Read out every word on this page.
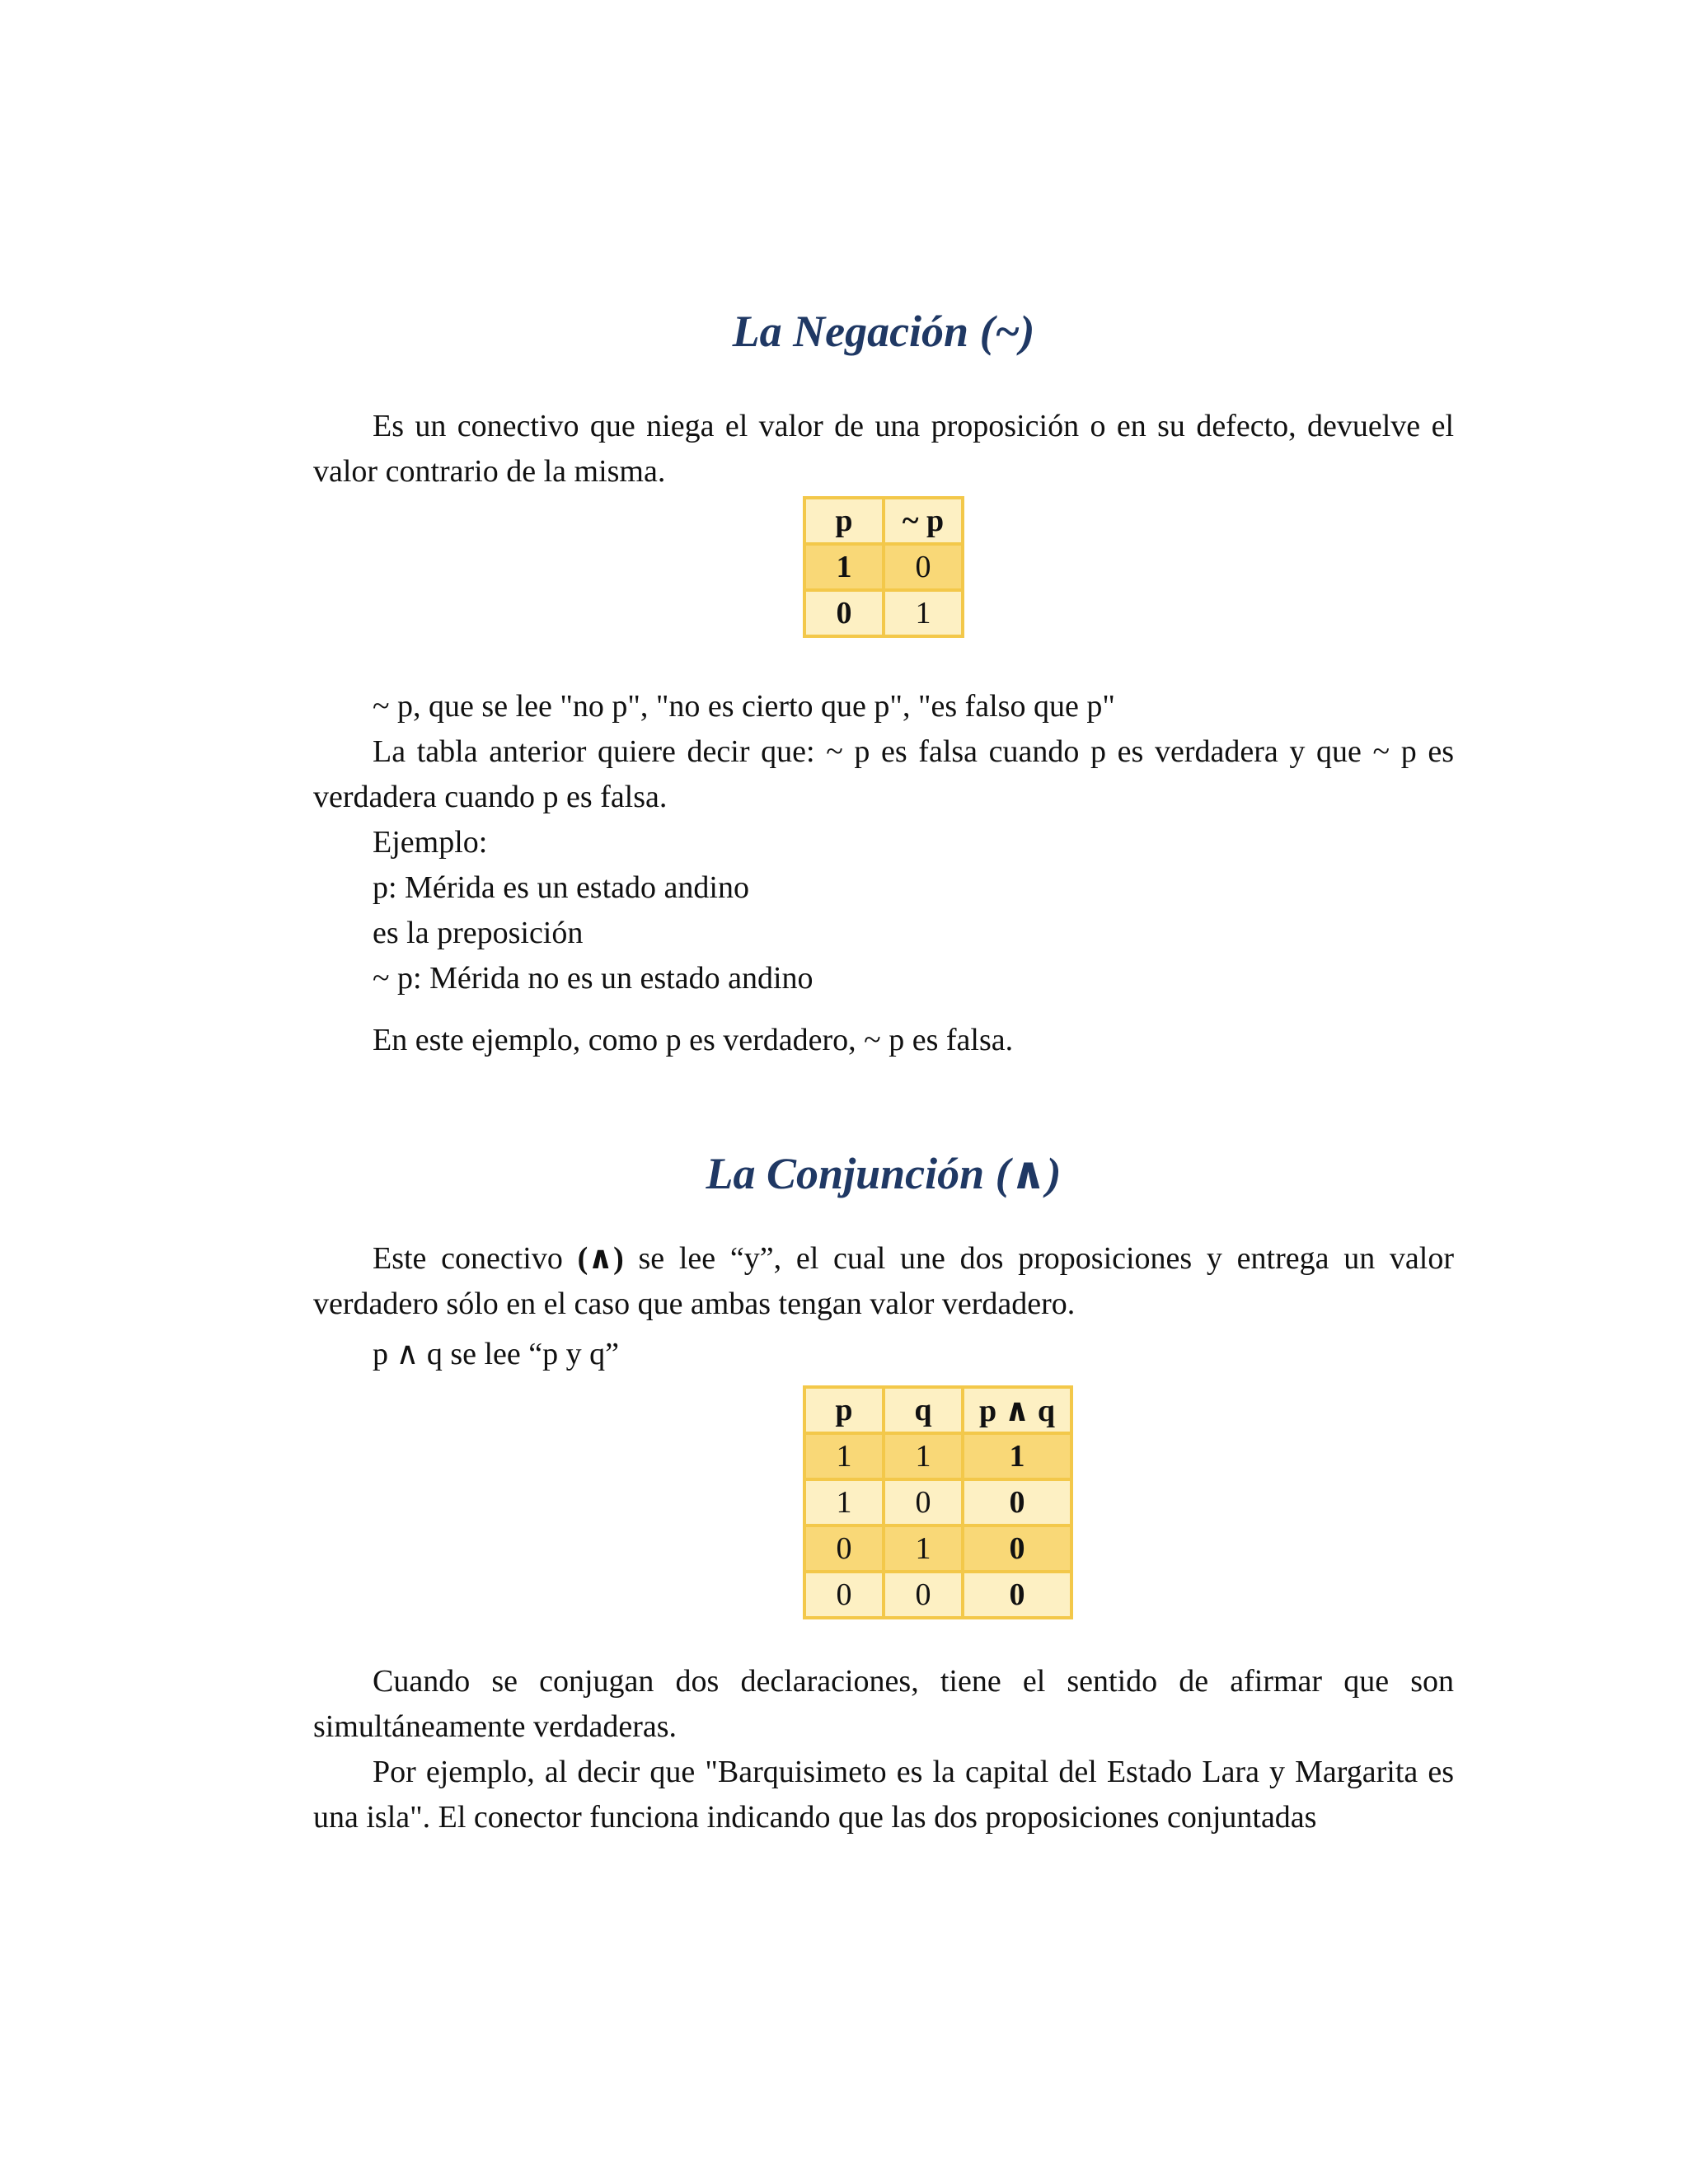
La Negación (~)

Es un conectivo que niega el valor de una proposición o en su defecto, devuelve el valor contrario de la misma.

p	~ p
1	0
0	1

~ p, que se lee "no p", "no es cierto que p", "es falso que p"

La tabla anterior quiere decir que: ~ p es falsa cuando p es verdadera y que ~ p es verdadera cuando p es falsa.

Ejemplo:

p: Mérida es un estado andino

es la preposición

~ p: Mérida no es un estado andino

En este ejemplo, como p es verdadero, ~ p es falsa.

La Conjunción (∧)

Este conectivo (∧) se lee “y”, el cual une dos proposiciones y entrega un valor verdadero sólo en el caso que ambas tengan valor verdadero.

p ∧ q se lee “p y q”

p	q	p ∧ q
1	1	1
1	0	0
0	1	0
0	0	0

Cuando se conjugan dos declaraciones, tiene el sentido de afirmar que son simultáneamente verdaderas.

Por ejemplo, al decir que "Barquisimeto es la capital del Estado Lara y Margarita es una isla". El conector funciona indicando que las dos proposiciones conjuntadas
